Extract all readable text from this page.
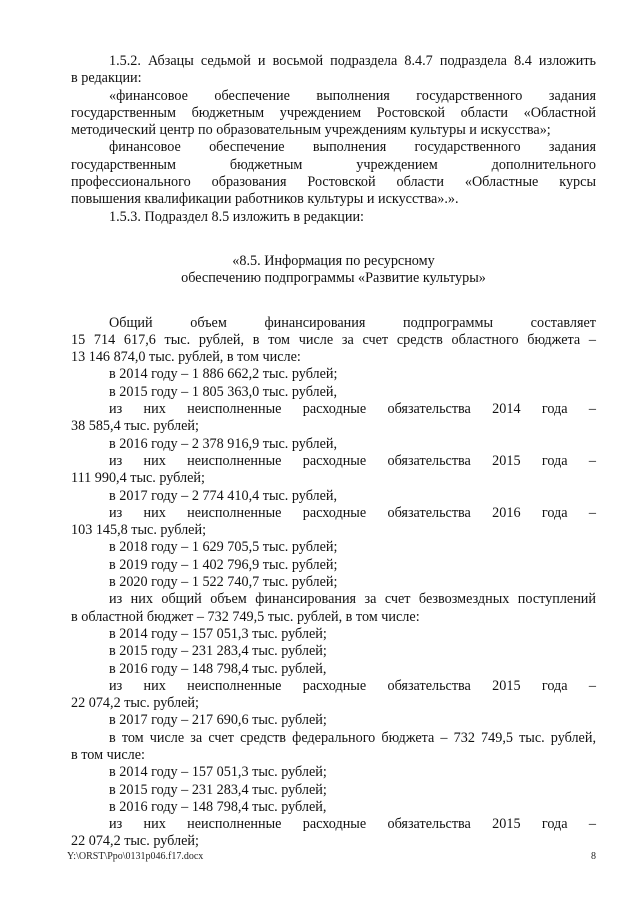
1.5.2. Абзацы седьмой и восьмой подраздела 8.4.7 подраздела 8.4 изложить

в редакции:

«финансовое обеспечение выполнения государственного задания

государственным бюджетным учреждением Ростовской области «Областной

методический центр по образовательным учреждениям культуры и искусства»;

финансовое обеспечение выполнения государственного задания

государственным бюджетным учреждением дополнительного

профессионального образования Ростовской области «Областные курсы

повышения квалификации работников культуры и искусства».».

1.5.3. Подраздел 8.5 изложить в редакции:

«8.5. Информация по ресурсному

обеспечению подпрограммы «Развитие культуры»

Общий объем финансирования подпрограммы составляет

15 714 617,6 тыс. рублей, в том числе за счет средств областного бюджета –

13 146 874,0 тыс. рублей, в том числе:

в 2014 году – 1 886 662,2 тыс. рублей;

в 2015 году – 1 805 363,0 тыс. рублей,

из них неисполненные расходные обязательства 2014 года –

38 585,4 тыс. рублей;

в 2016 году – 2 378 916,9 тыс. рублей,

из них неисполненные расходные обязательства 2015 года –

111 990,4 тыс. рублей;

в 2017 году – 2 774 410,4 тыс. рублей,

из них неисполненные расходные обязательства 2016 года –

103 145,8 тыс. рублей;

в 2018 году – 1 629 705,5 тыс. рублей;

в 2019 году – 1 402 796,9 тыс. рублей;

в 2020 году – 1 522 740,7 тыс. рублей;

из них общий объем финансирования за счет безвозмездных поступлений

в областной бюджет – 732 749,5 тыс. рублей, в том числе:

в 2014 году – 157 051,3 тыс. рублей;

в 2015 году – 231 283,4 тыс. рублей;

в 2016 году – 148 798,4 тыс. рублей,

из них неисполненные расходные обязательства 2015 года –

22 074,2 тыс. рублей;

в 2017 году – 217 690,6 тыс. рублей;

в том числе за счет средств федерального бюджета – 732 749,5 тыс. рублей,

в том числе:

в 2014 году – 157 051,3 тыс. рублей;

в 2015 году – 231 283,4 тыс. рублей;

в 2016 году – 148 798,4 тыс. рублей,

из них неисполненные расходные обязательства 2015 года –

22 074,2 тыс. рублей;

Y:\ORST\Ppo\0131p046.f17.docx	8
